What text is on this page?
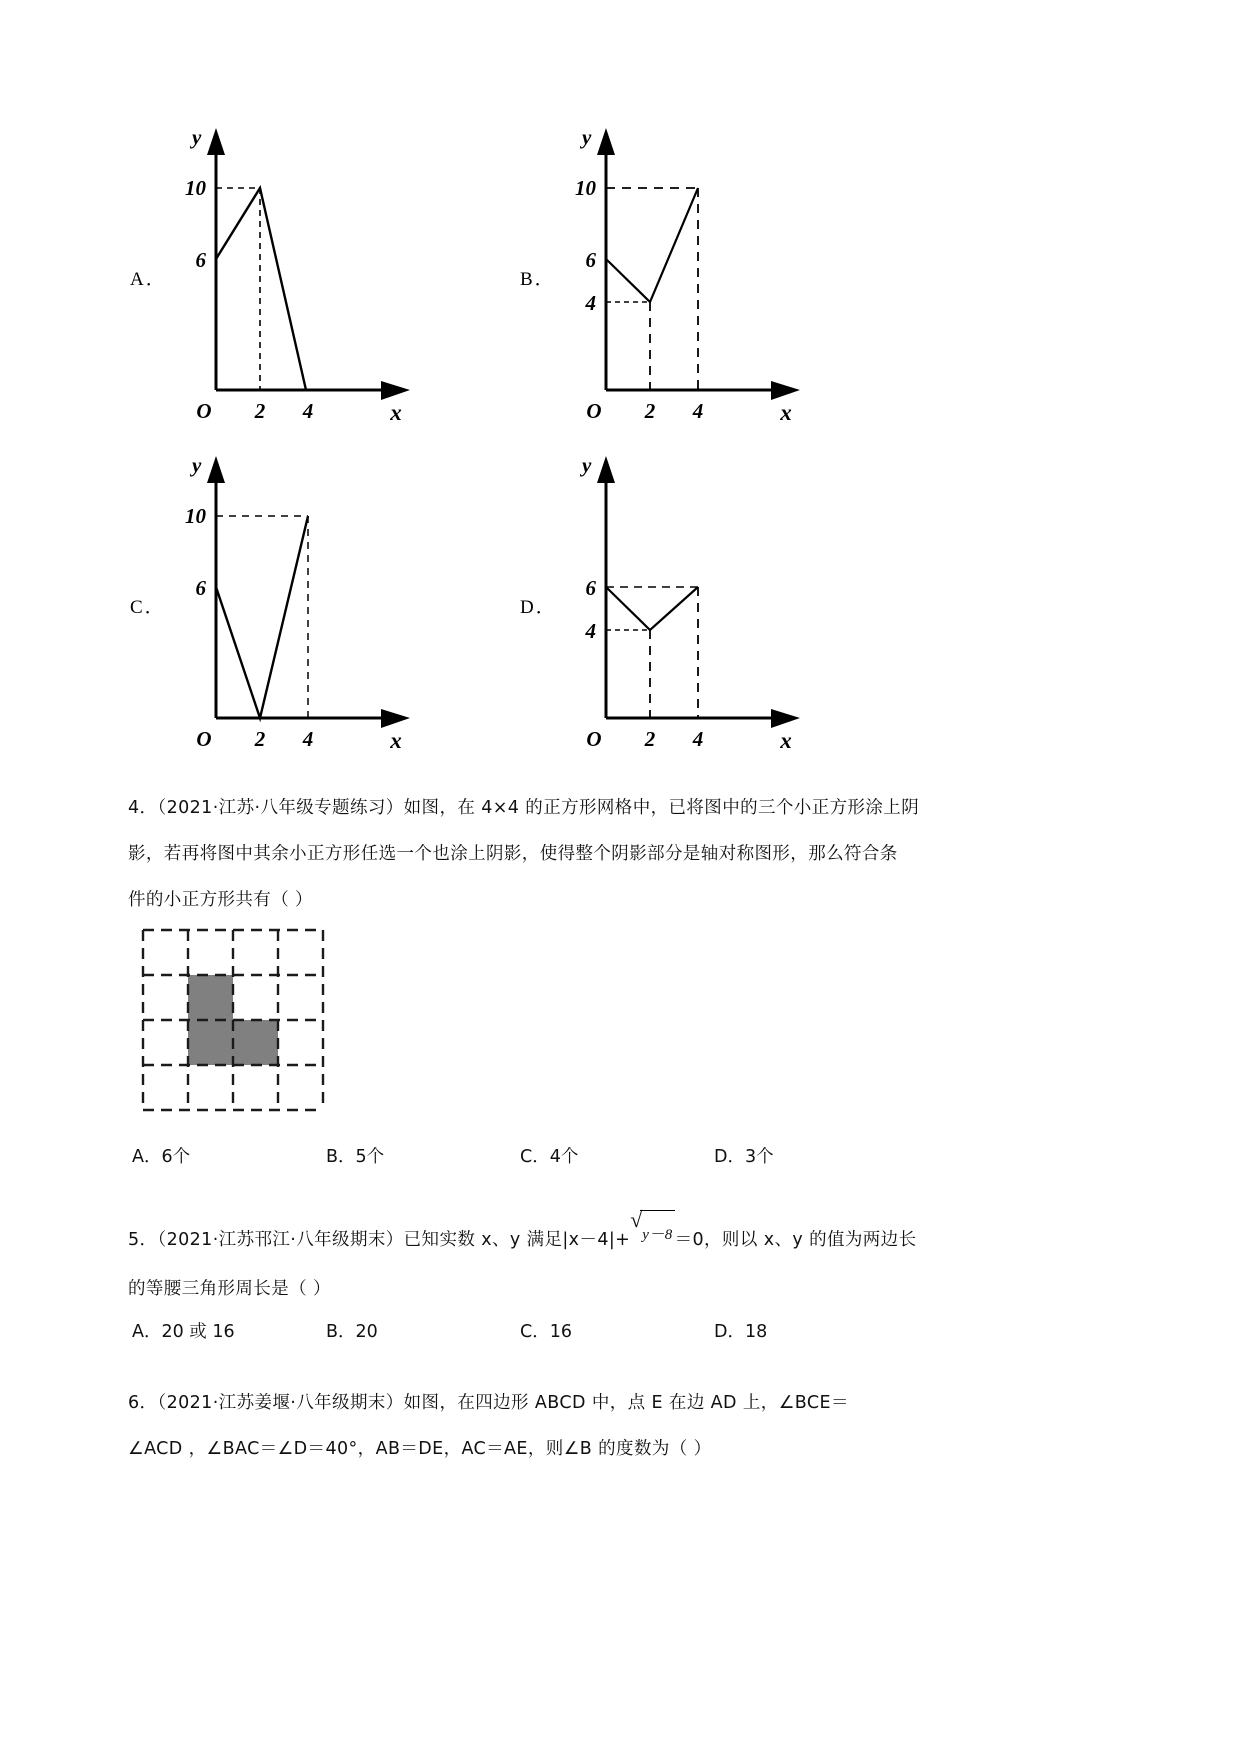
A．
10
6
y
O 2 4	x
B．
10
6
4
y
O 2 4	x
C．
10
6
y
O 2 4	x
D．
6
4
y
O 2 4	x
4．（2021·江苏·八年级专题练习）如图，在 4×4 的正方形网格中，已将图中的三个小正方形涂上阴
影，若再将图中其余小正方形任选一个也涂上阴影，使得整个阴影部分是轴对称图形，那么符合条
件的小正方形共有（ ）
A．6个	B．5个	C．4个	D．3个
5．（2021·江苏邗江·八年级期末）已知实数 x、y 满足|x－4|+
√
y－8 ＝0，则以 x、y 的值为两边长
的等腰三角形周长是（ ）
A．20 或 16	B．20	C．16	D．18
6．（2021·江苏姜堰·八年级期末）如图，在四边形 ABCD 中，点 E 在边 AD 上，∠BCE＝
∠ACD ，∠BAC＝∠D＝40°，AB＝DE，AC＝AE，则∠B 的度数为（ ）
